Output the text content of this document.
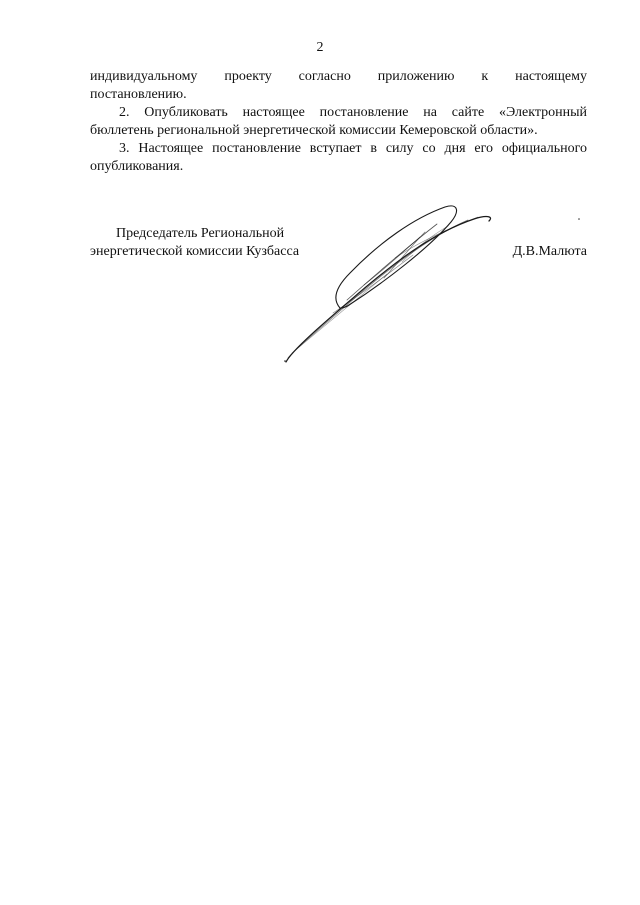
2

индивидуальному проекту согласно приложению к настоящему

постановлению.

2. Опубликовать настоящее постановление на сайте «Электронный

бюллетень региональной энергетической комиссии Кемеровской области».

3. Настоящее постановление вступает в силу со дня его официального

опубликования.

Председатель Региональной
энергетической комиссии Кузбасса	Д.В.Малюта
